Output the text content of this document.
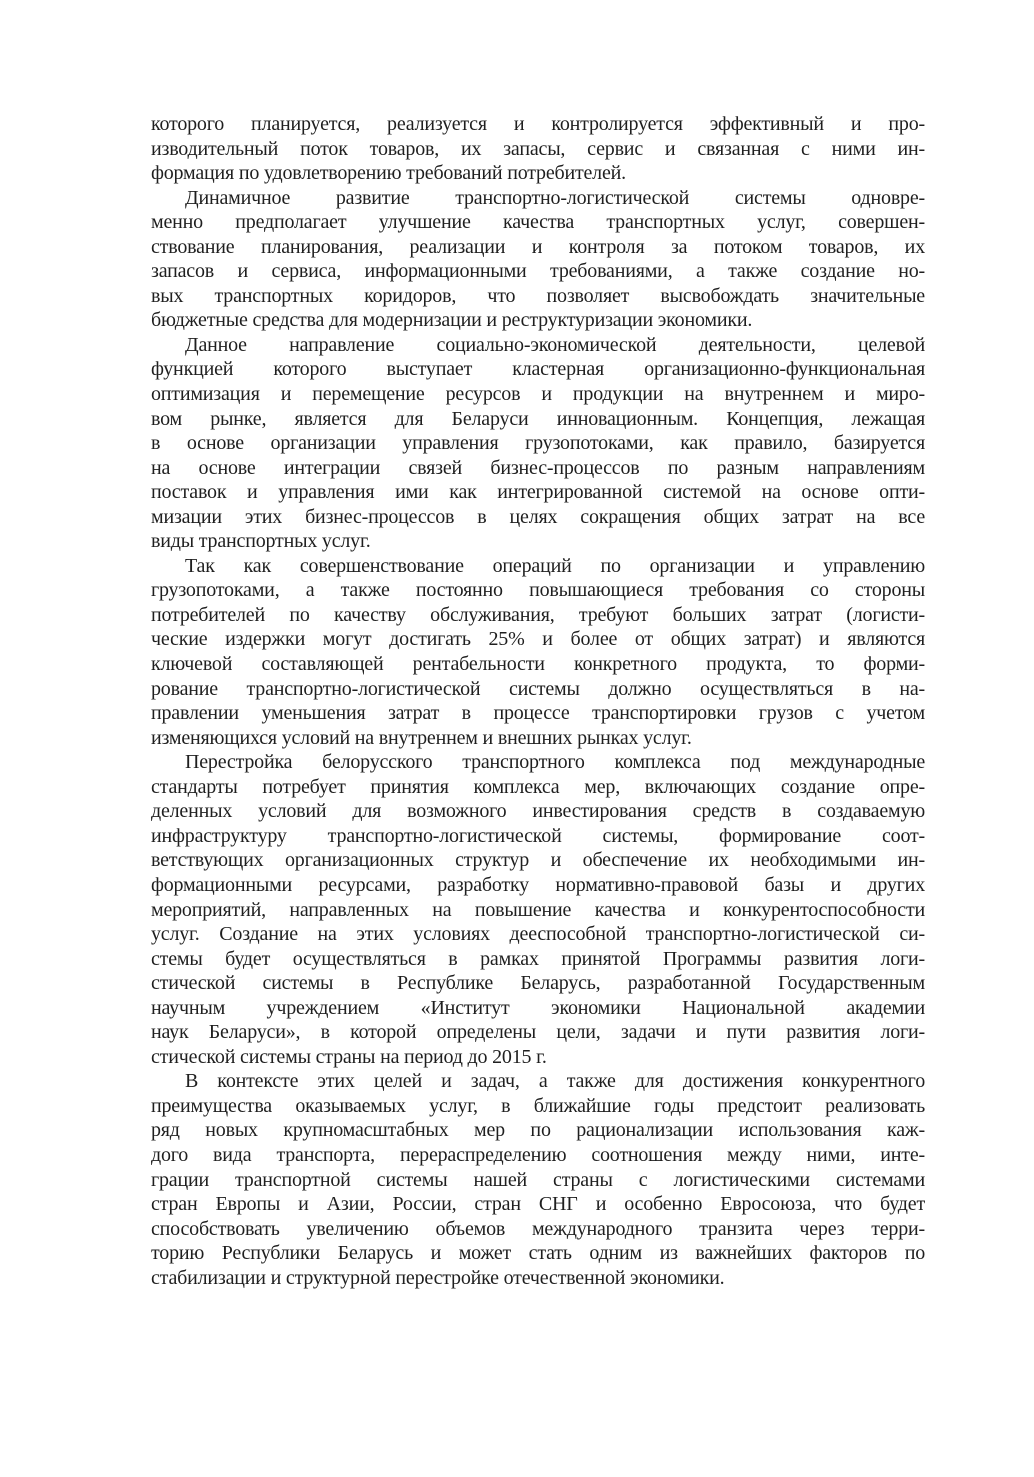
которого планируется, реализуется и контролируется эффективный и про-
изводительный поток товаров, их запасы, сервис и связанная с ними ин-
формация по удовлетворению требований потребителей.

Динамичное развитие транспортно-логистической системы одновре-
менно предполагает улучшение качества транспортных услуг, совершен-
ствование планирования, реализации и контроля за потоком товаров, их
запасов и сервиса, информационными требованиями, а также создание но-
вых транспортных коридоров, что позволяет высвобождать значительные
бюджетные средства для модернизации и реструктуризации экономики.

Данное направление социально-экономической деятельности, целевой
функцией которого выступает кластерная организационно-функциональная
оптимизация и перемещение ресурсов и продукции на внутреннем и миро-
вом рынке, является для Беларуси инновационным. Концепция, лежащая
в основе организации управления грузопотоками, как правило, базируется
на основе интеграции связей бизнес-процессов по разным направлениям
поставок и управления ими как интегрированной системой на основе опти-
мизации этих бизнес-процессов в целях сокращения общих затрат на все
виды транспортных услуг.

Так как совершенствование операций по организации и управлению
грузопотоками, а также постоянно повышающиеся требования со стороны
потребителей по качеству обслуживания, требуют больших затрат (логисти-
ческие издержки могут достигать 25% и более от общих затрат) и являются
ключевой составляющей рентабельности конкретного продукта, то форми-
рование транспортно-логистической системы должно осуществляться в на-
правлении уменьшения затрат в процессе транспортировки грузов с учетом
изменяющихся условий на внутреннем и внешних рынках услуг.

Перестройка белорусского транспортного комплекса под международные
стандарты потребует принятия комплекса мер, включающих создание опре-
деленных условий для возможного инвестирования средств в создаваемую
инфраструктуру транспортно-логистической системы, формирование соот-
ветствующих организационных структур и обеспечение их необходимыми ин-
формационными ресурсами, разработку нормативно-правовой базы и других
мероприятий, направленных на повышение качества и конкурентоспособности
услуг. Создание на этих условиях дееспособной транспортно-логистической си-
стемы будет осуществляться в рамках принятой Программы развития логи-
стической системы в Республике Беларусь, разработанной Государственным
научным учреждением «Институт экономики Национальной академии
наук Беларуси», в которой определены цели, задачи и пути развития логи-
стической системы страны на период до 2015 г.

В контексте этих целей и задач, а также для достижения конкурентного
преимущества оказываемых услуг, в ближайшие годы предстоит реализовать
ряд новых крупномасштабных мер по рационализации использования каж-
дого вида транспорта, перераспределению соотношения между ними, инте-
грации транспортной системы нашей страны с логистическими системами
стран Европы и Азии, России, стран СНГ и особенно Евросоюза, что будет
способствовать увеличению объемов международного транзита через терри-
торию Республики Беларусь и может стать одним из важнейших факторов по
стабилизации и структурной перестройке отечественной экономики.
